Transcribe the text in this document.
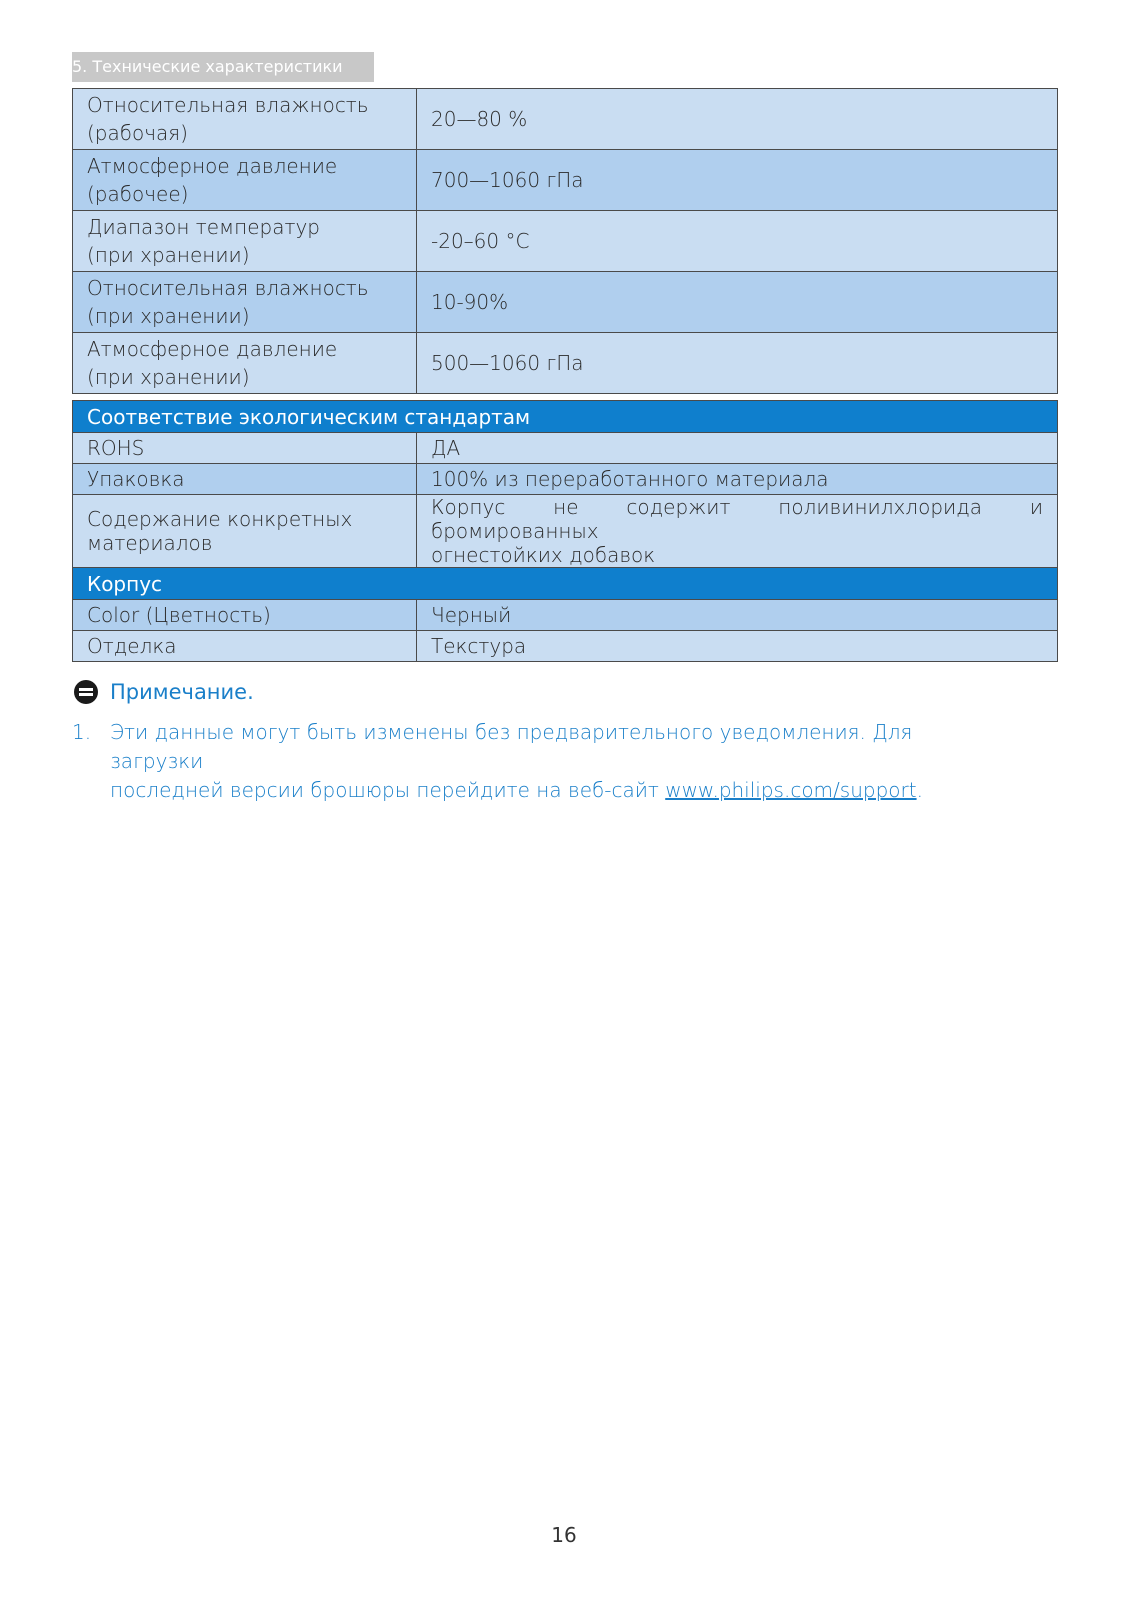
5. Технические характеристики
Относительная влажность
(рабочая)	20—80 %
Атмосферное давление
(рабочее)	700—1060 гПа
Диапазон температур
(при хранении)	-20–60 °C
Относительная влажность
(при хранении)	10-90%
Атмосферное давление
(при хранении)	500—1060 гПа
Соответствие экологическим стандартам	
ROHS	ДА
Упаковка	100% из переработанного материала
Содержание конкретных
материалов	Корпус не содержит поливинилхлорида и бромированных
огнестойких добавок
Корпус	
Color (Цветность)	Черный
Отделка	Текстура
Примечание.
1. Эти данные могут быть изменены без предварительного уведомления. Для загрузки
последней версии брошюры перейдите на веб-сайт www.philips.com/support.
16
